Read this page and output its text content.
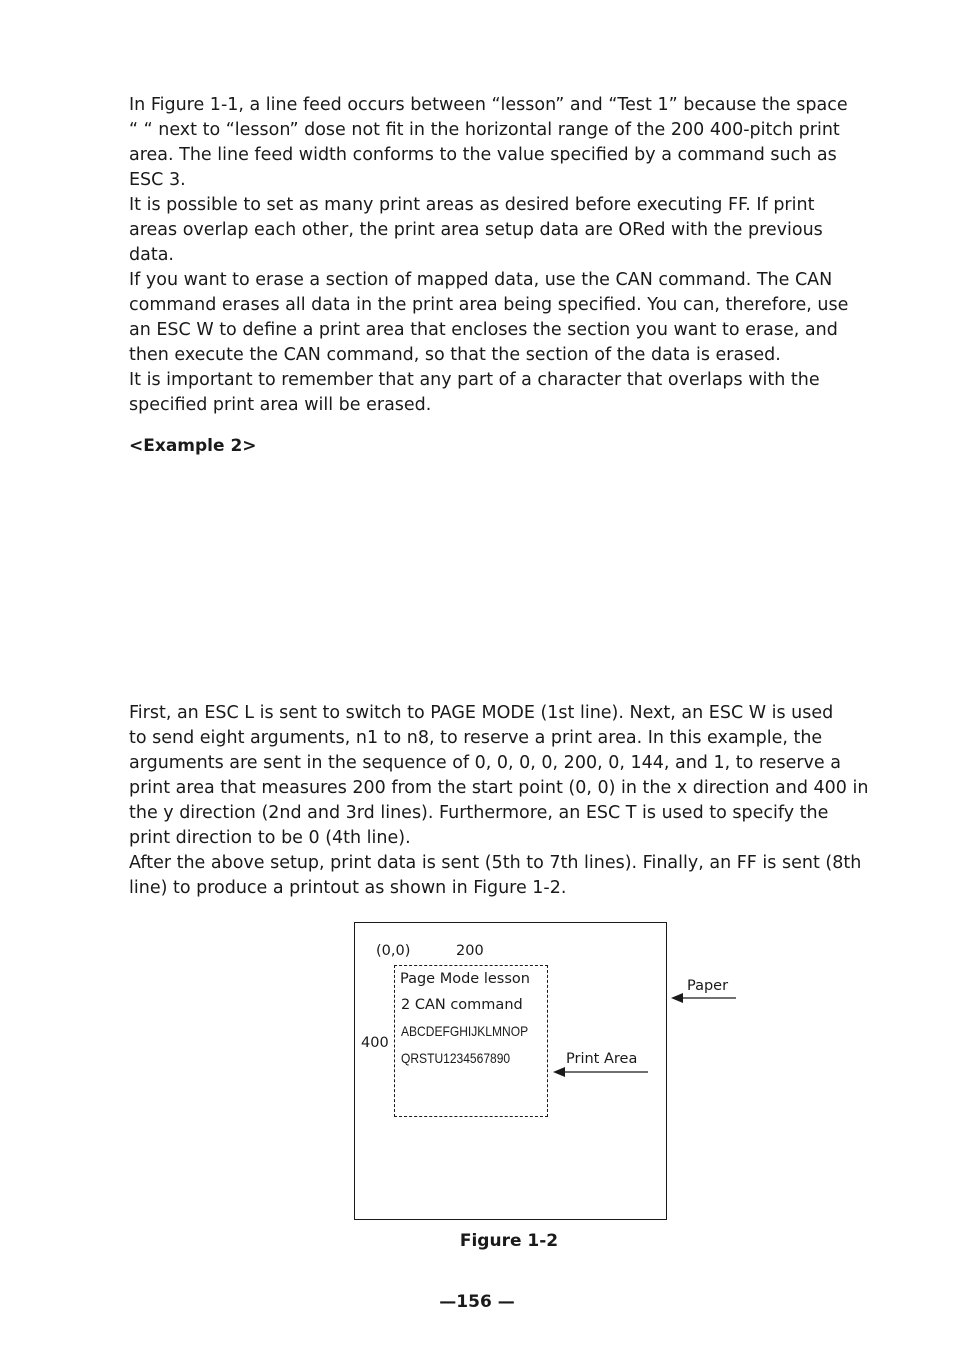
In Figure 1-1, a line feed occurs between “lesson” and “Test 1” because the space
“ “ next to “lesson” dose not fit in the horizontal range of the 200 400-pitch print
area. The line feed width conforms to the value specified by a command such as
ESC 3.
It is possible to set as many print areas as desired before executing FF. If print
areas overlap each other, the print area setup data are ORed with the previous
data.
If you want to erase a section of mapped data, use the CAN command. The CAN
command erases all data in the print area being specified. You can, therefore, use
an ESC W to define a print area that encloses the section you want to erase, and
then execute the CAN command, so that the section of the data is erased.
It is important to remember that any part of a character that overlaps with the
specified print area will be erased.

<Example 2>

First, an ESC L is sent to switch to PAGE MODE (1st line). Next, an ESC W is used
to send eight arguments, n1 to n8, to reserve a print area. In this example, the
arguments are sent in the sequence of 0, 0, 0, 0, 200, 0, 144, and 1, to reserve a
print area that measures 200 from the start point (0, 0) in the x direction and 400 in
the y direction (2nd and 3rd lines). Furthermore, an ESC T is used to specify the
print direction to be 0 (4th line).
After the above setup, print data is sent (5th to 7th lines). Finally, an FF is sent (8th
line) to produce a printout as shown in Figure 1-2.

(0,0)	200
400
Page Mode lesson
2 CAN command
ABCDEFGHIJKLMNOP
QRSTU1234567890
Paper
Print Area
Figure 1-2
—156 —
